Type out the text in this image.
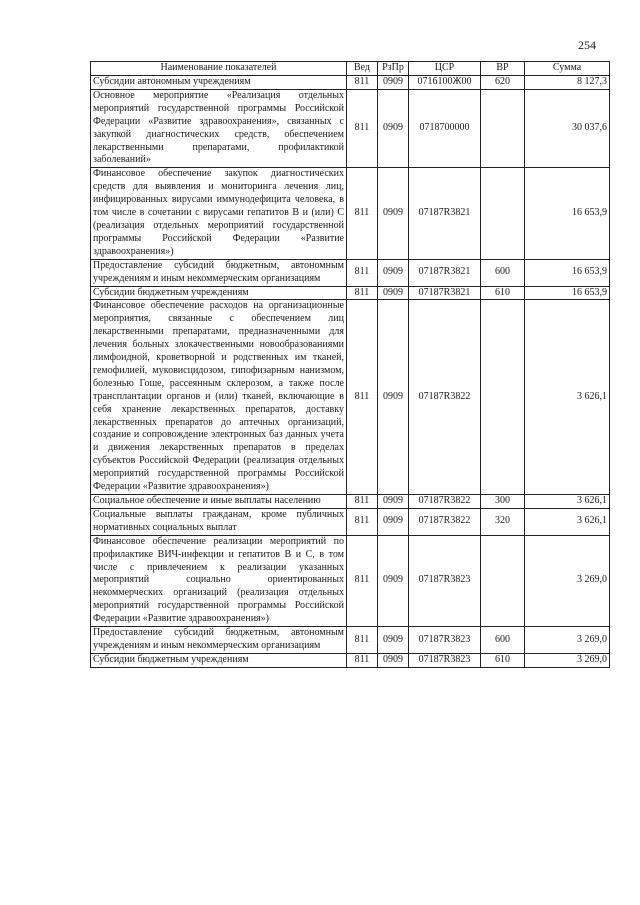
254
Наименование показателей	Вед	РзПр	ЦСР	ВР	Сумма
Субсидии автономным учреждениям	811	0909	0716100Ж00	620	8 127,3
Основное мероприятие «Реализация отдельных мероприятий государственной программы Российской Федерации «Развитие здравоохранения», связанных с закупкой диагностических средств, обеспечением лекарственными препаратами, профилактикой заболеваний»	811	0909	0718700000		30 037,6
Финансовое обеспечение закупок диагностических средств для выявления и мониторинга лечения лиц, инфицированных вирусами иммунодефицита человека, в том числе в сочетании с вирусами гепатитов В и (или) С (реализация отдельных мероприятий государственной программы Российской Федерации «Развитие здравоохранения»)	811	0909	07187R3821		16 653,9
Предоставление субсидий бюджетным, автономным учреждениям и иным некоммерческим организациям	811	0909	07187R3821	600	16 653,9
Субсидии бюджетным учреждениям	811	0909	07187R3821	610	16 653,9
Финансовое обеспечение расходов на организационные мероприятия, связанные с обеспечением лиц лекарственными препаратами, предназначенными для лечения больных злокачественными новообразованиями лимфоидной, кроветворной и родственных им тканей, гемофилией, муковисцидозом, гипофизарным нанизмом, болезнью Гоше, рассеянным склерозом, а также после трансплантации органов и (или) тканей, включающие в себя хранение лекарственных препаратов, доставку лекарственных препаратов до аптечных организаций, создание и сопровождение электронных баз данных учета и движения лекарственных препаратов в пределах субъектов Российской Федерации (реализация отдельных мероприятий государственной программы Российской Федерации «Развитие здравоохранения»)	811	0909	07187R3822		3 626,1
Социальное обеспечение и иные выплаты населению	811	0909	07187R3822	300	3 626,1
Социальные выплаты гражданам, кроме публичных нормативных социальных выплат	811	0909	07187R3822	320	3 626,1
Финансовое обеспечение реализации мероприятий по профилактике ВИЧ-инфекции и гепатитов В и С, в том числе с привлечением к реализации указанных мероприятий социально ориентированных некоммерческих организаций (реализация отдельных мероприятий государственной программы Российской Федерации «Развитие здравоохранения»)	811	0909	07187R3823		3 269,0
Предоставление субсидий бюджетным, автономным учреждениям и иным некоммерческим организациям	811	0909	07187R3823	600	3 269,0
Субсидии бюджетным учреждениям	811	0909	07187R3823	610	3 269,0
